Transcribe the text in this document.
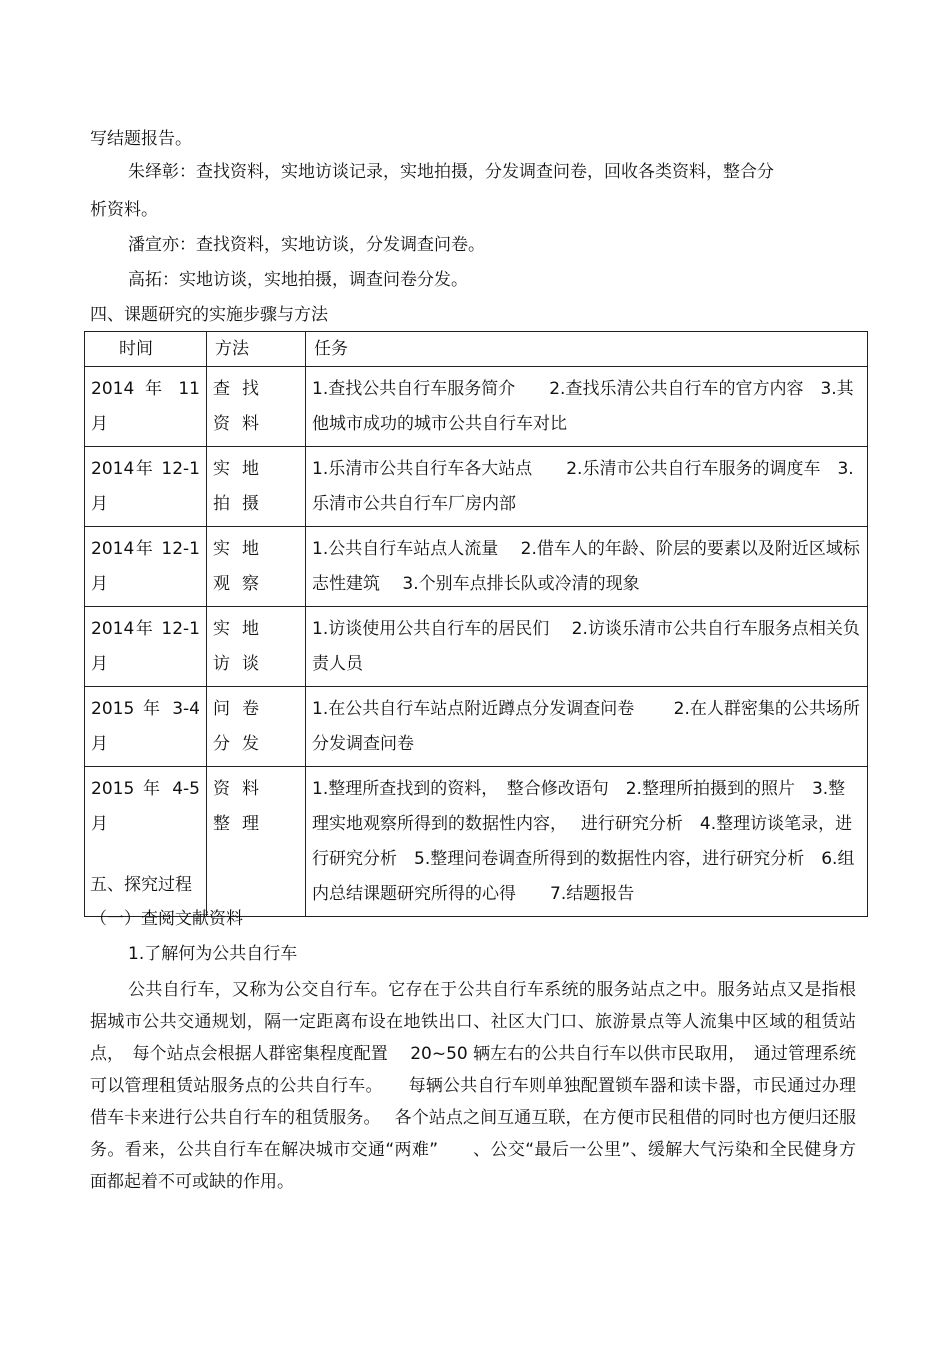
写结题报告。
朱绎彰：查找资料，实地访谈记录，实地拍摄，分发调查问卷，回收各类资料，整合分
析资料。
潘宣亦：查找资料，实地访谈，分发调查问卷。
高拓：实地访谈，实地拍摄，调查问卷分发。
四、课题研究的实施步骤与方法
时间	方法	任务
2014 年 11 月	查找资料	1.查找公共自行车服务简介　　2.查找乐清公共自行车的官方内容　3.其他城市成功的城市公共自行车对比
2014年 12-1 月	实地拍摄	1.乐清市公共自行车各大站点　　2.乐清市公共自行车服务的调度车　3.乐清市公共自行车厂房内部
2014年 12-1 月	实地观察	1.公共自行车站点人流量　 2.借车人的年龄、阶层的要素以及附近区域标志性建筑　 3.个别车点排长队或冷清的现象
2014年 12-1 月	实地访谈	1.访谈使用公共自行车的居民们　 2.访谈乐清市公共自行车服务点相关负责人员
2015 年 3-4 月	问卷分发	1.在公共自行车站点附近蹲点分发调查问卷　　 2.在人群密集的公共场所分发调查问卷
2015 年 4-5 月	资料整理	1.整理所查找到的资料，　整合修改语句　2.整理所拍摄到的照片　3.整理实地观察所得到的数据性内容，　 进行研究分析　4.整理访谈笔录，进行研究分析　5.整理问卷调查所得到的数据性内容，进行研究分析　6.组内总结课题研究所得的心得　　7.结题报告
五、探究过程
（一）查阅文献资料
1.了解何为公共自行车

公共自行车，又称为公交自行车。它存在于公共自行车系统的服务站点之中。服务站点又是指根据城市公共交通规划，隔一定距离布设在地铁出口、社区大门口、旅游景点等人流集中区域的租赁站点，　每个站点会根据人群密集程度配置　 20~50 辆左右的公共自行车以供市民取用，　通过管理系统可以管理租赁站服务点的公共自行车。　　每辆公共自行车则单独配置锁车器和读卡器，市民通过办理借车卡来进行公共自行车的租赁服务。　 各个站点之间互通互联，在方便市民租借的同时也方便归还服务。看来，公共自行车在解决城市交通“两难”　　、公交“最后一公里”、缓解大气污染和全民健身方面都起着不可或缺的作用。
